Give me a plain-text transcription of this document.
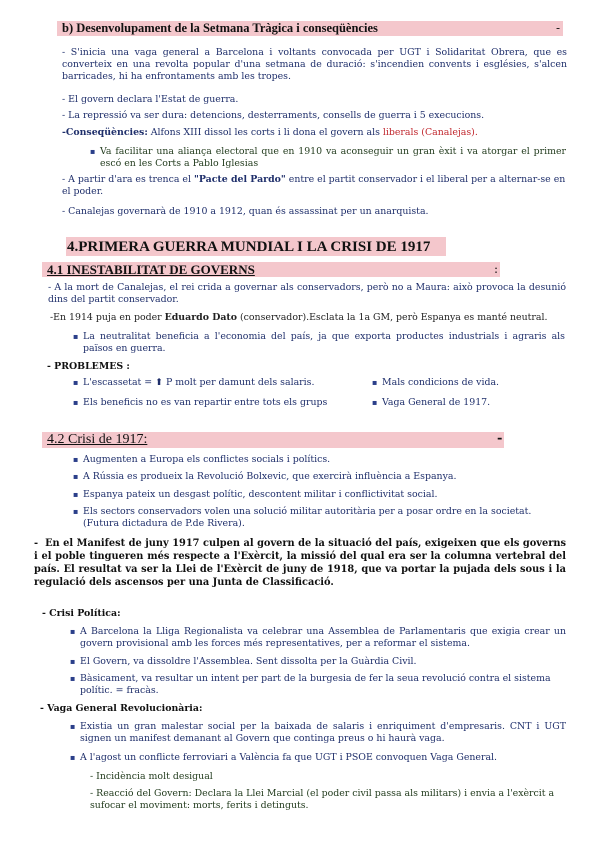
b) Desenvolupament de la Setmana Tràgica i conseqüències	-
- S'inicia una vaga general a Barcelona i voltants convocada per UGT i Solidaritat Obrera, que es converteix en una revolta popular d'una setmana de duració: s'incendien convents i esglésies, s'alcen barricades, hi ha enfrontaments amb les tropes.
- El govern declara l'Estat de guerra.
- La repressió va ser dura: detencions, desterraments, consells de guerra i 5 execucions.
-Conseqüències: Alfons XIII dissol les corts i li dona el govern als liberals (Canalejas).
▪ Va facilitar una aliança electoral que en 1910 va aconseguir un gran èxit i va atorgar el primer escó en les Corts a Pablo Iglesias
- A partir d'ara es trenca el "Pacte del Pardo" entre el partit conservador i el liberal per a alternar-se en el poder.
- Canalejas governarà de 1910 a 1912, quan és assassinat per un anarquista.
4.PRIMERA GUERRA MUNDIAL I LA CRISI DE 1917
4.1 INESTABILITAT DE GOVERNS	:
- A la mort de Canalejas, el rei crida a governar als conservadors, però no a Maura: això provoca la desunió dins del partit conservador.
-En 1914 puja en poder Eduardo Dato (conservador).Esclata la 1a GM, però Espanya es manté neutral.
▪ La neutralitat beneficia a l'economia del país, ja que exporta productes industrials i agraris als països en guerra.
- PROBLEMES :
▪ L'escassetat = ⬆ P molt per damunt dels salaris.	▪ Mals condicions de vida.
▪ Els beneficis no es van repartir entre tots els grups	▪ Vaga General de 1917.
4.2 Crisi de 1917:	-
▪ Augmenten a Europa els conflictes socials i polítics.
▪ A Rússia es produeix la Revolució Bolxevic, que exercirà influència a Espanya.
▪ Espanya pateix un desgast polític, descontent militar i conflictivitat social.
▪ Els sectors conservadors volen una solució militar autoritària per a posar ordre en la societat. (Futura dictadura de P.de Rivera).
-  En el Manifest de juny 1917 culpen al govern de la situació del país, exigeixen que els governs i el poble tingueren més respecte a l'Exèrcit, la missió del qual era ser la columna vertebral del país. El resultat va ser la Llei de l'Exèrcit de juny de 1918, que va portar la pujada dels sous i la regulació dels ascensos per una Junta de Classificació.
- Crisi Política:
▪ A Barcelona la Lliga Regionalista va celebrar una Assemblea de Parlamentaris que exigia crear un govern provisional amb les forces més representatives, per a reformar el sistema.
▪ El Govern, va dissoldre l'Assemblea. Sent dissolta per la Guàrdia Civil.
▪ Bàsicament, va resultar un intent per part de la burgesia de fer la seua revolució contra el sistema polític. = fracàs.
- Vaga General Revolucionària:
▪ Existia un gran malestar social per la baixada de salaris i enriquiment d'empresaris. CNT i UGT signen un manifest demanant al Govern que continga preus o hi haurà vaga.
▪ A l'agost un conflicte ferroviari a València fa que UGT i PSOE convoquen Vaga General.
- Incidència molt desigual
- Reacció del Govern: Declara la Llei Marcial (el poder civil passa als militars) i envia a l'exèrcit a sufocar el moviment: morts, ferits i detinguts.
